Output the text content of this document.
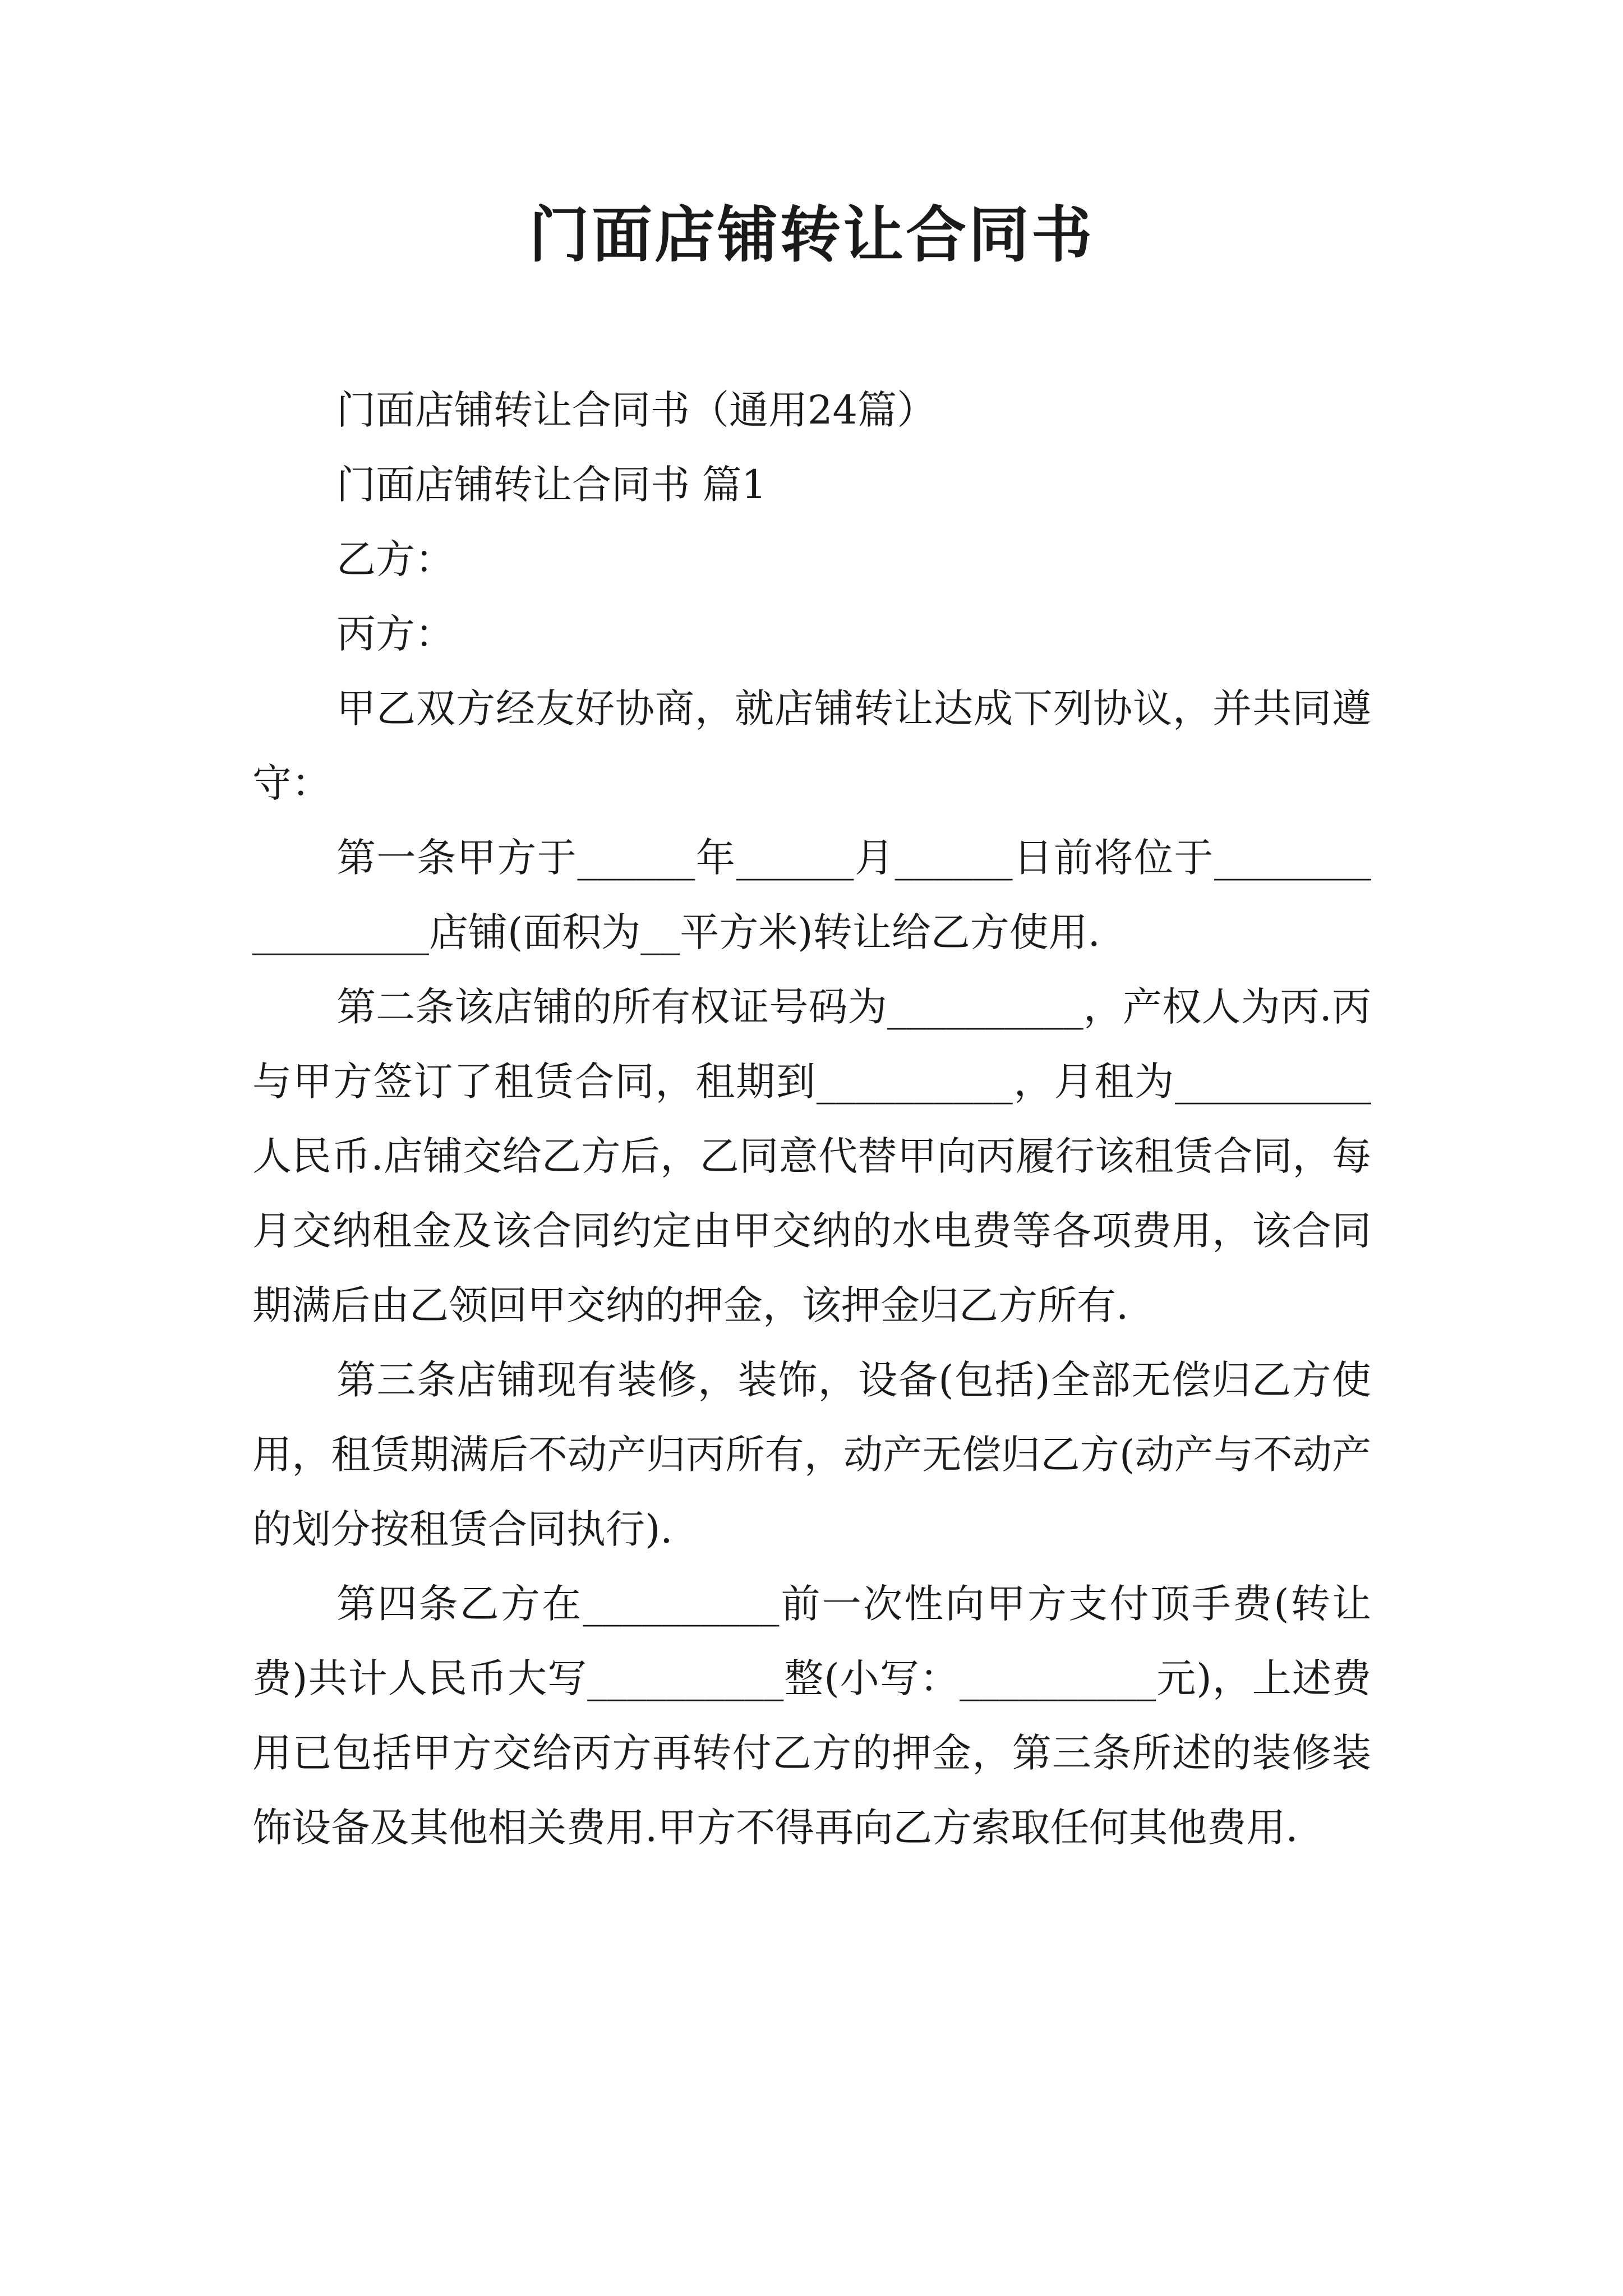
门面店铺转让合同书

门面店铺转让合同书（通用24篇）

门面店铺转让合同书 篇1

乙方：

丙方：

甲乙双方经友好协商，就店铺转让达成下列协议，并共同遵守：

第一条甲方于______年______月______日前将位于_________________店铺(面积为__平方米)转让给乙方使用.

第二条该店铺的所有权证号码为__________，产权人为丙.丙与甲方签订了租赁合同，租期到__________，月租为__________人民币.店铺交给乙方后，乙同意代替甲向丙履行该租赁合同，每月交纳租金及该合同约定由甲交纳的水电费等各项费用，该合同期满后由乙领回甲交纳的押金，该押金归乙方所有.

第三条店铺现有装修，装饰，设备(包括)全部无偿归乙方使用，租赁期满后不动产归丙所有，动产无偿归乙方(动产与不动产的划分按租赁合同执行).

第四条乙方在__________前一次性向甲方支付顶手费(转让费)共计人民币大写__________整(小写：__________元)，上述费用已包括甲方交给丙方再转付乙方的押金，第三条所述的装修装饰设备及其他相关费用.甲方不得再向乙方索取任何其他费用.
